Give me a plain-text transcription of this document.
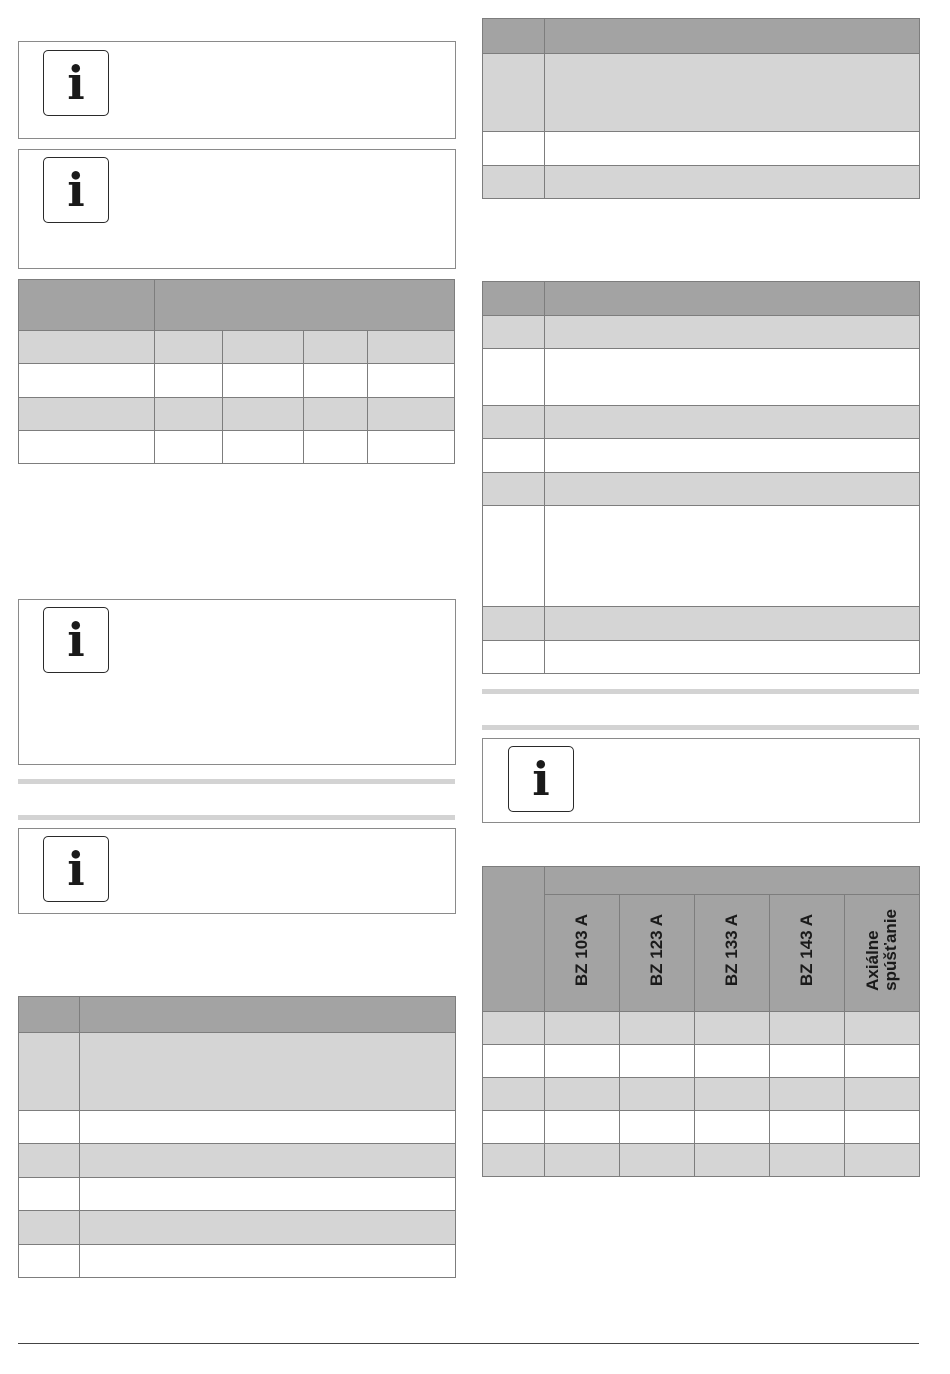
i
i

i
i

i

	BZ 103 A	BZ 123 A	BZ 133 A	BZ 143 A	Axiálne
spúšťanie
